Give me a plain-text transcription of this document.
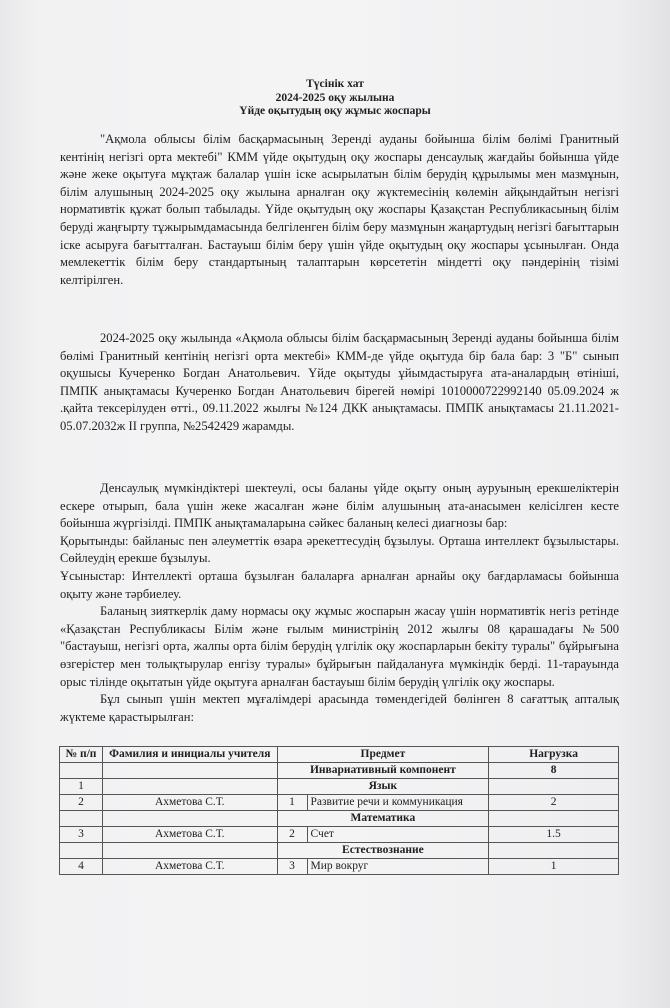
Түсінік хат
2024-2025 оқу жылына
Үйде оқытудың оқу жұмыс жоспары

"Ақмола облысы білім басқармасының Зеренді ауданы бойынша білім бөлімі Гранитный кентінің негізгі орта мектебі" КММ үйде оқытудың оқу жоспары денсаулық жағдайы бойынша үйде және жеке оқытуға мұқтаж балалар үшін іске асырылатын білім берудің құрылымы мен мазмұнын, білім алушының 2024-2025 оқу жылына арналған оқу жүктемесінің көлемін айқындайтын негізгі нормативтік құжат болып табылады. Үйде оқытудың оқу жоспары Қазақстан Республикасының білім беруді жаңғырту тұжырымдамасында белгіленген білім беру мазмұнын жаңартудың негізгі бағыттарын іске асыруға бағытталған. Бастауыш білім беру үшін үйде оқытудың оқу жоспары ұсынылған. Онда мемлекеттік білім беру стандартының талаптарын көрсететін міндетті оқу пәндерінің тізімі келтірілген.

2024-2025 оқу жылында «Ақмола облысы білім басқармасының Зеренді ауданы бойынша білім бөлімі Гранитный кентінің негізгі орта мектебі» КММ-де үйде оқытуда бір бала бар: 3 "Б" сынып оқушысы Кучеренко Богдан Анатольевич. Үйде оқытуды ұйымдастыруға ата-аналардың өтініші, ПМПК анықтамасы Кучеренко Богдан Анатольевич бірегей нөмірі 1010000722992140 05.09.2024 ж .қайта тексерілуден өтті., 09.11.2022 жылғы №124 ДКК анықтамасы. ПМПК анықтамасы 21.11.2021-05.07.2032ж II группа, №2542429 жарамды.

Денсаулық мүмкіндіктері шектеулі, осы баланы үйде оқыту оның ауруының ерекшеліктерін ескере отырып, бала үшін жеке жасалған және білім алушының ата-анасымен келісілген кесте бойынша жүргізілді. ПМПК анықтамаларына сәйкес баланың келесі диагнозы бар:

Қорытынды: байланыс пен әлеуметтік өзара әрекеттесудің бұзылуы. Орташа интеллект бұзылыстары. Сөйлеудің ерекше бұзылуы.

Ұсыныстар: Интеллекті орташа бұзылған балаларға арналған арнайы оқу бағдарламасы бойынша оқыту және тәрбиелеу.

Баланың зияткерлік даму нормасы оқу жұмыс жоспарын жасау үшін нормативтік негіз ретінде «Қазақстан Республикасы Білім және ғылым министрінің 2012 жылғы 08 қарашадағы №500 "бастауыш, негізгі орта, жалпы орта білім берудің үлгілік оқу жоспарларын бекіту туралы" бұйрығына өзгерістер мен толықтырулар енгізу туралы» бұйрығын пайдалануға мүмкіндік берді. 11-тарауында орыс тілінде оқытатын үйде оқытуға арналған бастауыш білім берудің үлгілік оқу жоспары.

Бұл сынып үшін мектеп мұғалімдері арасында төмендегідей бөлінген 8 сағаттық апталық жүктеме қарастырылған:

№ п/п	Фамилия и инициалы учителя	Предмет		Нагрузка
		Инвариативный компонент		8
1		Язык		
2	Ахметова С.Т.	1	Развитие речи и коммуникация	2
		Математика		
3	Ахметова С.Т.	2	Счет	1.5
		Естествознание		
4	Ахметова С.Т.	3	Мир вокруг	1
